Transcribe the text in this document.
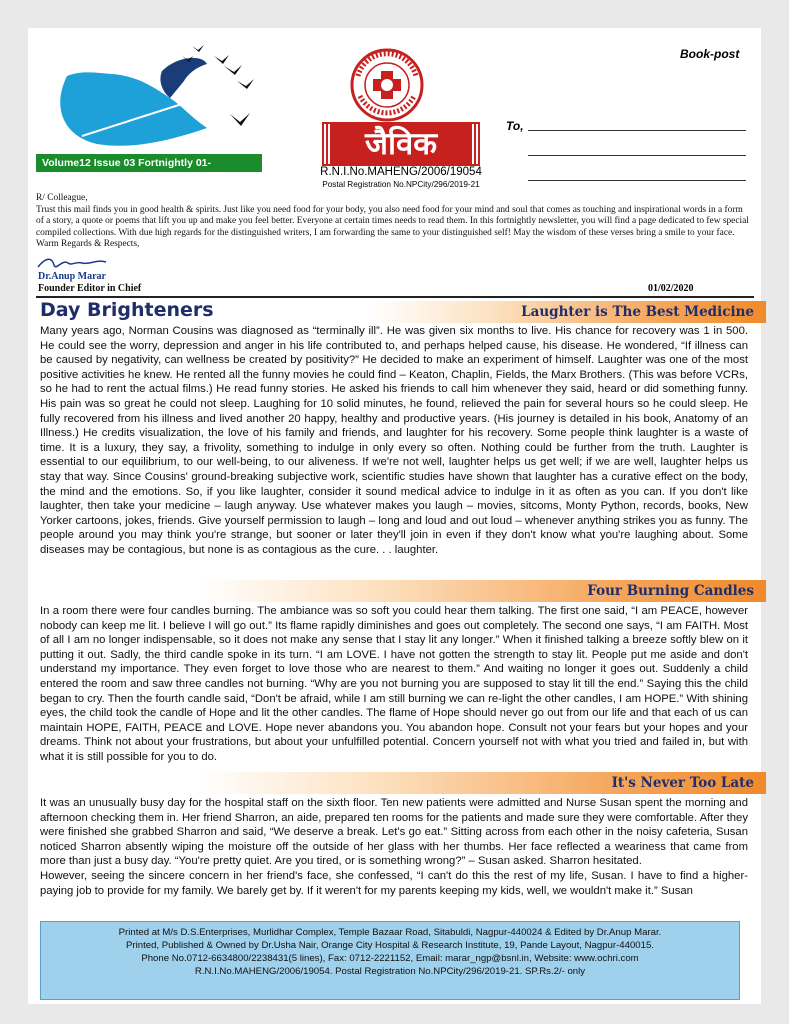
Volume12 Issue 03 Fortnightly 01-15/02/2020
जैविक
R.N.I.No.MAHENG/2006/19054
Postal Registration No.NPCity/296/2019-21
Book-post
To,
R/ Colleague,
Trust this mail finds you in good health & spirits. Just like you need food for your body, you also need food for your mind and soul that comes as touching and inspirational words in a form of a story, a quote or poems that lift you up and make you feel better. Everyone at certain times needs to read them. In this fortnightly newsletter, you will find a page dedicated to few special compiled collections. With due high regards for the distinguished writers, I am forwarding the same to your distinguished self! May the wisdom of these verses bring a smile to your face. Warm Regards & Respects,
Dr.Anup Marar
Founder Editor in Chief	01/02/2020
Laughter is The Best Medicine
Day Brighteners
Many years ago, Norman Cousins was diagnosed as “terminally ill”. He was given six months to live. His chance for recovery was 1 in 500. He could see the worry, depression and anger in his life contributed to, and perhaps helped cause, his disease. He wondered, “If illness can be caused by negativity, can wellness be created by positivity?” He decided to make an experiment of himself. Laughter was one of the most positive activities he knew. He rented all the funny movies he could find – Keaton, Chaplin, Fields, the Marx Brothers. (This was before VCRs, so he had to rent the actual films.) He read funny stories. He asked his friends to call him whenever they said, heard or did something funny. His pain was so great he could not sleep. Laughing for 10 solid minutes, he found, relieved the pain for several hours so he could sleep. He fully recovered from his illness and lived another 20 happy, healthy and productive years. (His journey is detailed in his book, Anatomy of an Illness.) He credits visualization, the love of his family and friends, and laughter for his recovery. Some people think laughter is a waste of time. It is a luxury, they say, a frivolity, something to indulge in only every so often. Nothing could be further from the truth. Laughter is essential to our equilibrium, to our well-being, to our aliveness. If we're not well, laughter helps us get well; if we are well, laughter helps us stay that way. Since Cousins' ground-breaking subjective work, scientific studies have shown that laughter has a curative effect on the body, the mind and the emotions. So, if you like laughter, consider it sound medical advice to indulge in it as often as you can. If you don't like laughter, then take your medicine – laugh anyway. Use whatever makes you laugh – movies, sitcoms, Monty Python, records, books, New Yorker cartoons, jokes, friends. Give yourself permission to laugh – long and loud and out loud – whenever anything strikes you as funny. The people around you may think you're strange, but sooner or later they'll join in even if they don't know what you're laughing about. Some diseases may be contagious, but none is as contagious as the cure. . . laughter.
Four Burning Candles
In a room there were four candles burning. The ambiance was so soft you could hear them talking. The first one said, “I am PEACE, however nobody can keep me lit. I believe I will go out.” Its flame rapidly diminishes and goes out completely. The second one says, “I am FAITH. Most of all I am no longer indispensable, so it does not make any sense that I stay lit any longer.” When it finished talking a breeze softly blew on it putting it out. Sadly, the third candle spoke in its turn. “I am LOVE. I have not gotten the strength to stay lit. People put me aside and don't understand my importance. They even forget to love those who are nearest to them.” And waiting no longer it goes out. Suddenly a child entered the room and saw three candles not burning. “Why are you not burning you are supposed to stay lit till the end.” Saying this the child began to cry. Then the fourth candle said, “Don't be afraid, while I am still burning we can re-light the other candles, I am HOPE.” With shining eyes, the child took the candle of Hope and lit the other candles. The flame of Hope should never go out from our life and that each of us can maintain HOPE, FAITH, PEACE and LOVE. Hope never abandons you. You abandon hope. Consult not your fears but your hopes and your dreams. Think not about your frustrations, but about your unfulfilled potential. Concern yourself not with what you tried and failed in, but with what it is still possible for you to do.
It's Never Too Late
It was an unusually busy day for the hospital staff on the sixth floor. Ten new patients were admitted and Nurse Susan spent the morning and afternoon checking them in. Her friend Sharron, an aide, prepared ten rooms for the patients and made sure they were comfortable. After they were finished she grabbed Sharron and said, “We deserve a break. Let's go eat.” Sitting across from each other in the noisy cafeteria, Susan noticed Sharron absently wiping the moisture off the outside of her glass with her thumbs. Her face reflected a weariness that came from more than just a busy day. “You're pretty quiet. Are you tired, or is something wrong?” – Susan asked. Sharron hesitated.
However, seeing the sincere concern in her friend's face, she confessed, “I can't do this the rest of my life, Susan. I have to find a higher-paying job to provide for my family. We barely get by. If it weren't for my parents keeping my kids, well, we wouldn't make it.” Susan
Printed at M/s D.S.Enterprises, Murlidhar Complex, Temple Bazaar Road, Sitabuldi, Nagpur-440024 & Edited by Dr.Anup Marar.
Printed, Published & Owned by Dr.Usha Nair, Orange City Hospital & Research Institute, 19, Pande Layout, Nagpur-440015.
Phone No.0712-6634800/2238431(5 lines), Fax: 0712-2221152, Email: marar_ngp@bsnl.in, Website: www.ochri.com
R.N.I.No.MAHENG/2006/19054. Postal Registration No.NPCity/296/2019-21. SP.Rs.2/- only
